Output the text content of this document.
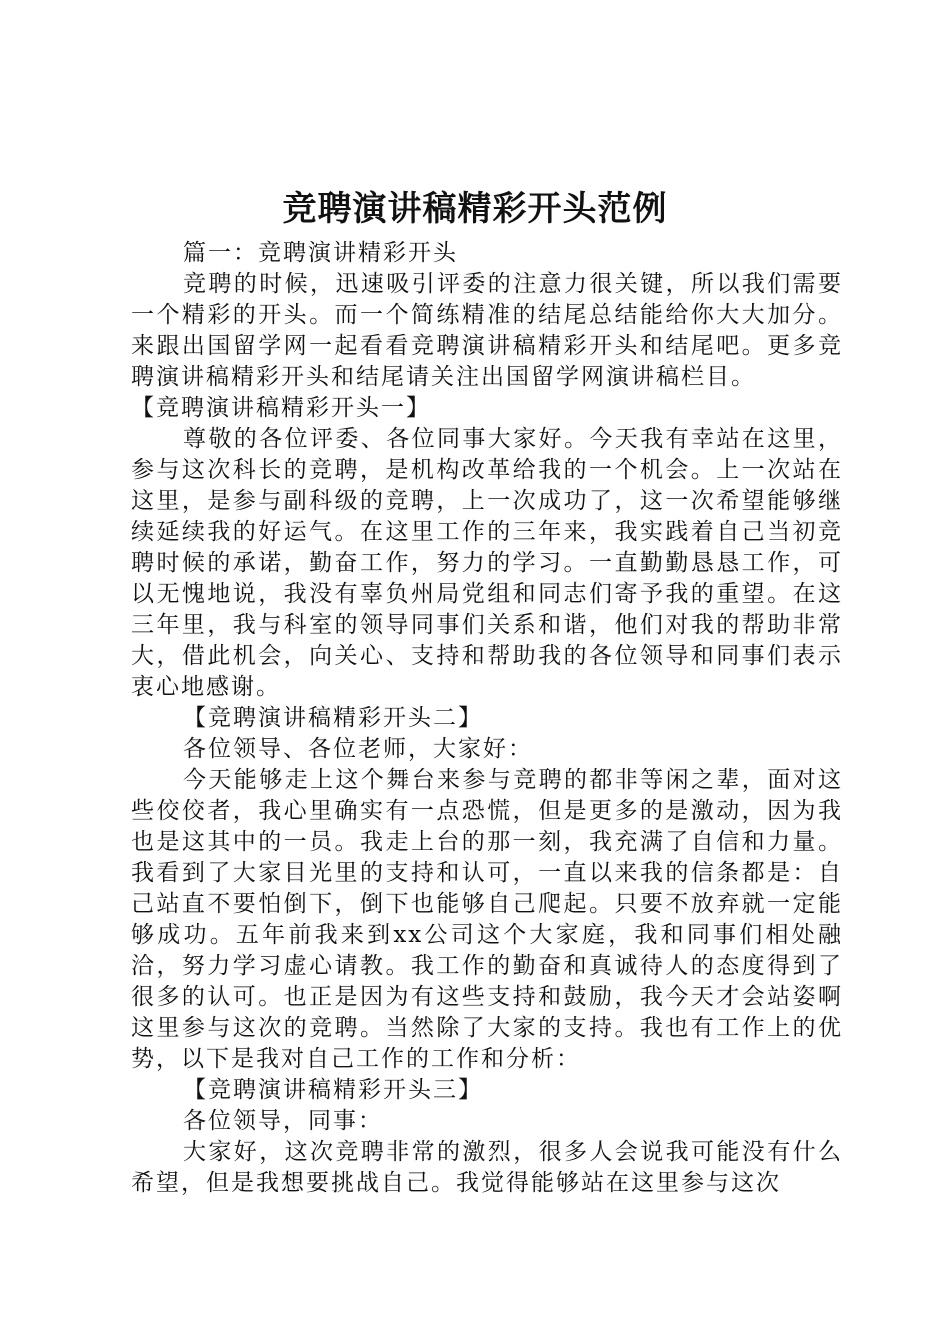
竞聘演讲稿精彩开头范例

篇一：竞聘演讲精彩开头

竞聘的时候，迅速吸引评委的注意力很关键，所以我们需要一个精彩的开头。而一个简练精准的结尾总结能给你大大加分。来跟出国留学网一起看看竞聘演讲稿精彩开头和结尾吧。更多竞聘演讲稿精彩开头和结尾请关注出国留学网演讲稿栏目。

【竞聘演讲稿精彩开头一】

尊敬的各位评委、各位同事大家好。今天我有幸站在这里，参与这次科长的竞聘，是机构改革给我的一个机会。上一次站在这里，是参与副科级的竞聘，上一次成功了，这一次希望能够继续延续我的好运气。在这里工作的三年来，我实践着自己当初竞聘时候的承诺，勤奋工作，努力的学习。一直勤勤恳恳工作，可以无愧地说，我没有辜负州局党组和同志们寄予我的重望。在这三年里，我与科室的领导同事们关系和谐，他们对我的帮助非常大，借此机会，向关心、支持和帮助我的各位领导和同事们表示衷心地感谢。

【竞聘演讲稿精彩开头二】

各位领导、各位老师，大家好：

今天能够走上这个舞台来参与竞聘的都非等闲之辈，面对这些佼佼者，我心里确实有一点恐慌，但是更多的是激动，因为我也是这其中的一员。我走上台的那一刻，我充满了自信和力量。我看到了大家目光里的支持和认可，一直以来我的信条都是：自己站直不要怕倒下，倒下也能够自己爬起。只要不放弃就一定能够成功。五年前我来到xx公司这个大家庭，我和同事们相处融洽，努力学习虚心请教。我工作的勤奋和真诚待人的态度得到了很多的认可。也正是因为有这些支持和鼓励，我今天才会站姿啊这里参与这次的竞聘。当然除了大家的支持。我也有工作上的优势，以下是我对自己工作的工作和分析：

【竞聘演讲稿精彩开头三】

各位领导，同事：

大家好，这次竞聘非常的激烈，很多人会说我可能没有什么希望，但是我想要挑战自己。我觉得能够站在这里参与这次
